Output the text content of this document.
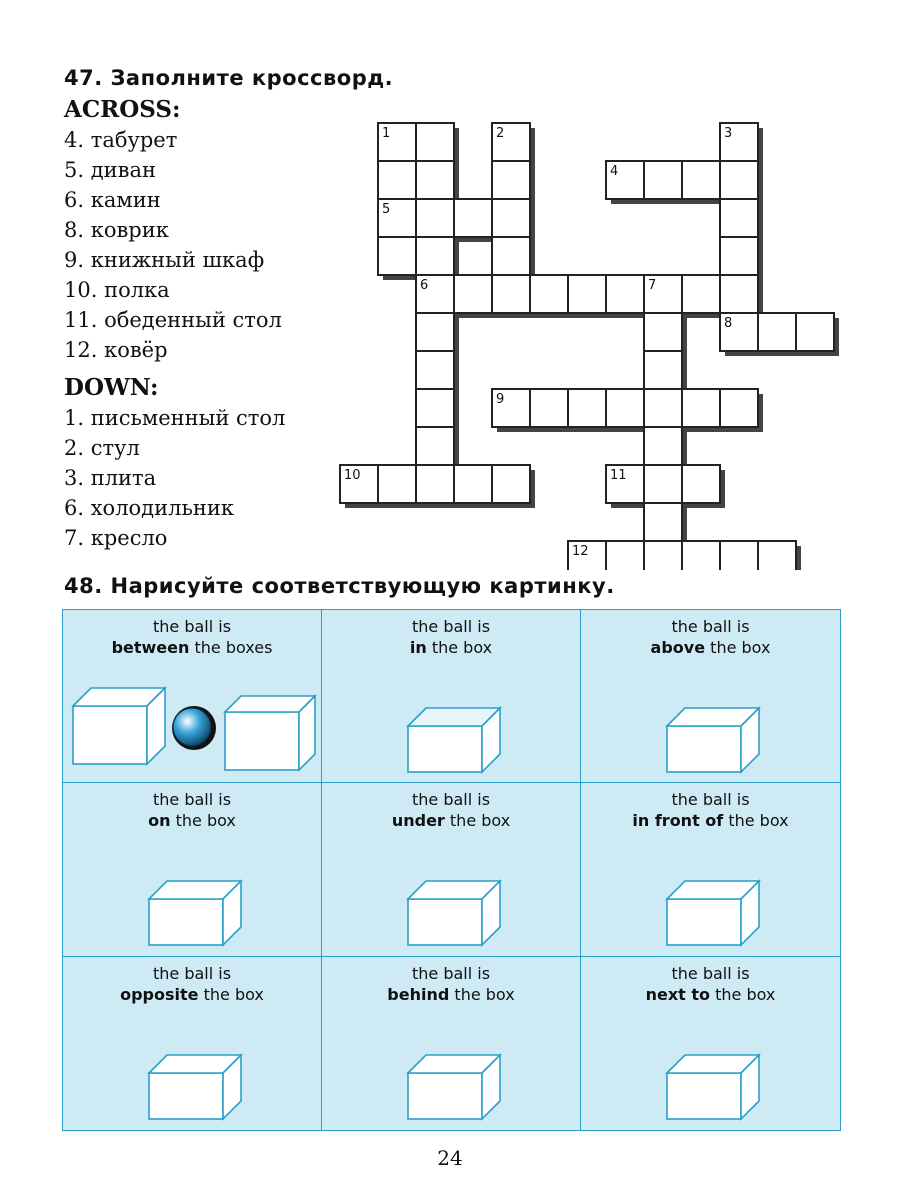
47. Заполните кроссворд.
ACROSS:
4. табурет
5. диван
6. камин
8. коврик
9. книжный шкаф
10. полка
11. обеденный стол
12. ковёр
DOWN:
1. письменный стол
2. стул
3. плита
6. холодильник
7. кресло
1	2	3
4
5
6	7
8
9
10	11
12
48. Нарисуйте соответствующую картинку.
the ball is
between the boxes
the ball is
in the box
the ball is
above the box
the ball is
on the box
the ball is
under the box
the ball is
in front of the box
the ball is
opposite the box
the ball is
behind the box
the ball is
next to the box
24
